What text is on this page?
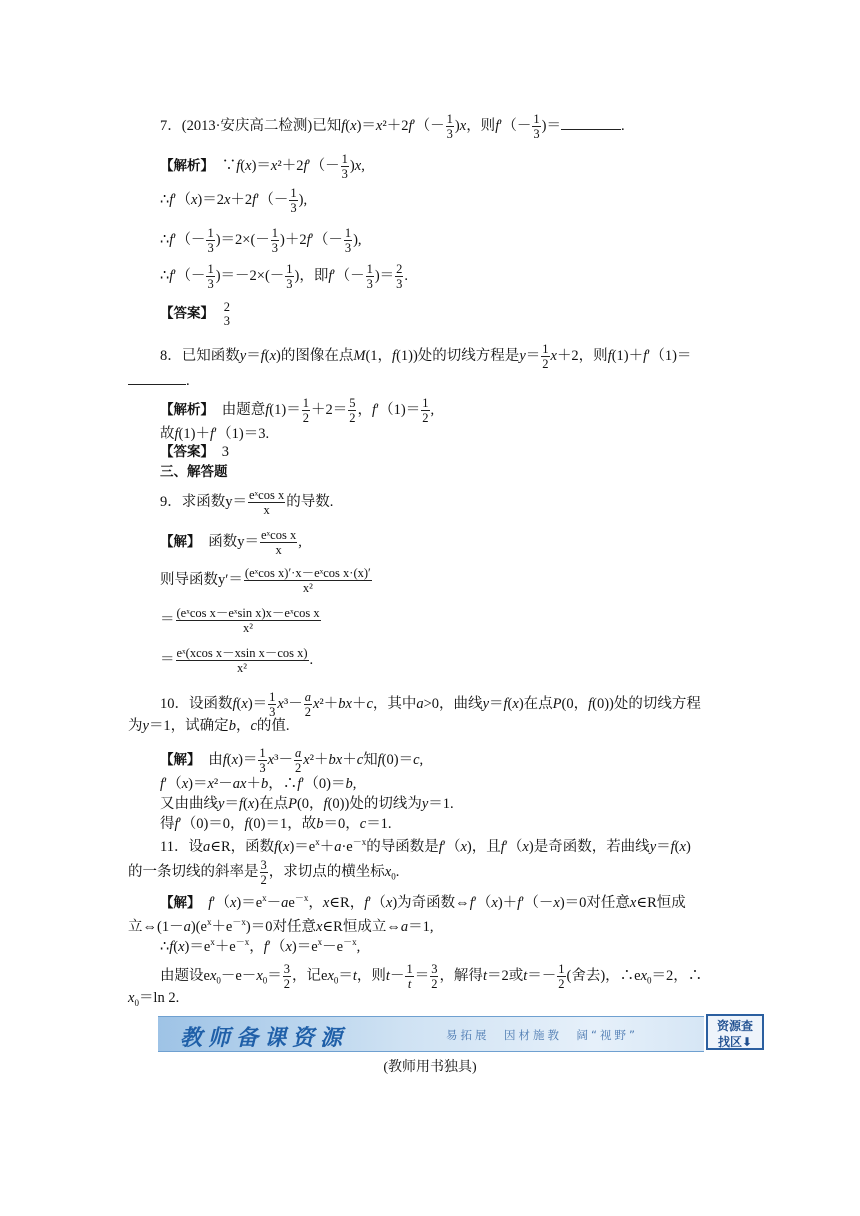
7．(2013·安庆高二检测)已知$f(x)=x^2+2f'(- \frac{1}{3} )x$，则$f'(- \frac{1}{3}$ )＝	.
【解析】　∵f(x)＝x²＋2f′（－ $\frac{1}{3} )x$,
∴f′（x)＝2x＋2f′（－ $\frac{1}{3}$ ),
∴f′（－ $\frac{1}{3} )=2\times(- \frac{1}{3} )+2f'(- \frac{1}{3}$ ),
∴f′（－ $\frac{1}{3} )=-2\times(- \frac{1}{3}$ )，即$f'(- \frac{1}{3}$ )＝ $\frac{2}{3}$ .
【答案】　 2
3
8．已知函数y＝f(x)的图像在点M(1，f(1))处的切线方程是$y= \frac{1}{2} x+2$，则f(1)＋f′（1)＝
.
【解析】　由题意$f(1)= \frac{1}{2} +2= \frac{5}{2}$ ，$f'(1)= \frac{1}{2}$ ,
故f(1)＋f′（1)＝3.
【答案】　 3
三、解答题
9．求函数$y= \frac{\text{eˣcos x}}{x}$ 的导数.
【解】　 函数$y= \frac{\text{eˣcos x}}{x}$ ,
则导函数$y'= \frac{\text{(eˣcos x)′·x－eˣcos x·(x)′}}{\text{x²}}$
＝ $\frac{\text{(eˣcos x－eˣsin x)x－eˣcos x}}{\text{x²}}$
＝ $\frac{\text{eˣ(xcos x－xsin x－cos x)}}{\text{x²}}$ .
10．设函数$f(x)= \frac{1}{3} x^3- \frac{a}{2} x^2+bx+c$，其中a>0，曲线y＝f(x)在点P(0，f(0))处的切线方程
为y＝1，试确定b，c的值.
【解】　由$f(x)= \frac{1}{3} x^3- \frac{a}{2} x^2+bx+c$知f(0)＝c,
f′（x)＝x²－ax＋b，∴f′（0)＝b,
又由曲线y＝f(x)在点P(0，f(0))处的切线为y＝1.
得f′（0)＝0，f(0)＝1，故b＝0，c＝1.
11．设a∈R，函数$f(x)=e^x+a\cdot e^{-x}$的导函数是f′（x)，且f′（x)是奇函数，若曲线y＝f(x)
的一条切线的斜率是 $\frac{3}{2}$ ，求切点的横坐标$x_0$.
【解】　 $f'(x)=e^x-ae^{-x}$，x∈R，f′（x)为奇函数⇔f′（x)＋f′（－x)＝0对任意x∈R恒成
立$\Leftrightarrow(1-a)(e^x+e^{-x})=0$对任意x∈R恒成立⇔a＝1,
$\therefore f(x)=e^x+e^{-x}$，$f'(x)=e^x-e^{-x}$,
由题设$ex_0-e-x_0= \frac{3}{2}$ ，记$ex_0=t$，则$t- \frac{1}{t} = \frac{3}{2}$ ，解得t＝2或$t=- \frac{1}{2}$ (舍去)，$\therefore ex_0=2$，∴
$x_0=\ln$ 2.
教师备课资源	易拓展　因材施教　阔“视野”
资源查
找区⬇
(教师用书独具)
